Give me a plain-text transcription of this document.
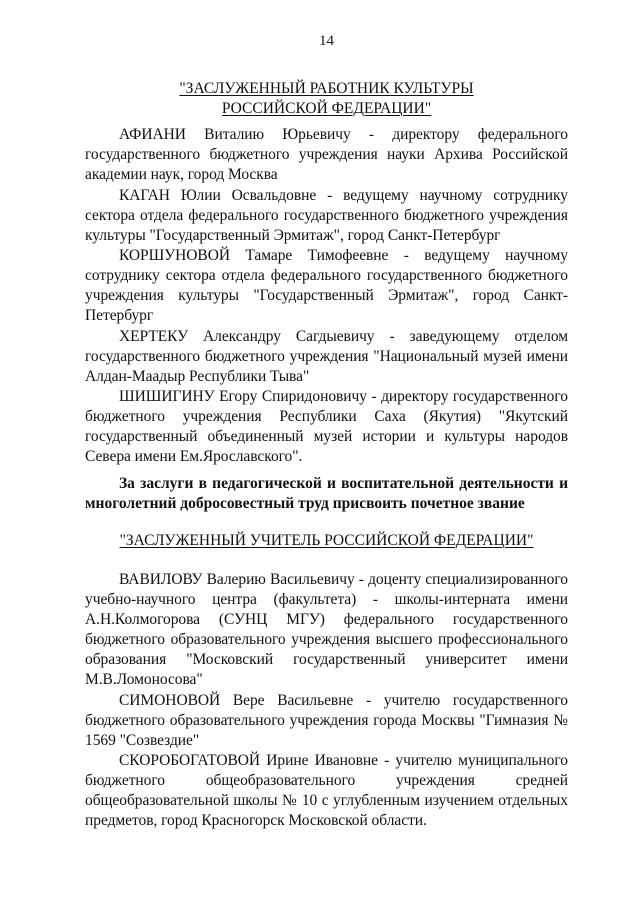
14
"ЗАСЛУЖЕННЫЙ РАБОТНИК КУЛЬТУРЫ
РОССИЙСКОЙ ФЕДЕРАЦИИ"

АФИАНИ Виталию Юрьевичу - директору федерального государственного бюджетного учреждения науки Архива Российской академии наук, город Москва

КАГАН Юлии Освальдовне - ведущему научному сотруднику сектора отдела федерального государственного бюджетного учреждения культуры "Государственный Эрмитаж", город Санкт-Петербург

КОРШУНОВОЙ Тамаре Тимофеевне - ведущему научному сотруднику сектора отдела федерального государственного бюджетного учреждения культуры "Государственный Эрмитаж", город Санкт-Петербург

ХЕРТЕКУ Александру Сагдыевичу - заведующему отделом государственного бюджетного учреждения "Национальный музей имени Алдан-Маадыр Республики Тыва"

ШИШИГИНУ Егору Спиридоновичу - директору государственного бюджетного учреждения Республики Саха (Якутия) "Якутский государственный объединенный музей истории и культуры народов Севера имени Ем.Ярославского".

За заслуги в педагогической и воспитательной деятельности и многолетний добросовестный труд присвоить почетное звание
"ЗАСЛУЖЕННЫЙ УЧИТЕЛЬ РОССИЙСКОЙ ФЕДЕРАЦИИ"

ВАВИЛОВУ Валерию Васильевичу - доценту специализированного учебно-научного центра (факультета) - школы-интерната имени А.Н.Колмогорова (СУНЦ МГУ) федерального государственного бюджетного образовательного учреждения высшего профессионального образования "Московский государственный университет имени М.В.Ломоносова"

СИМОНОВОЙ Вере Васильевне - учителю государственного бюджетного образовательного учреждения города Москвы "Гимназия № 1569 "Созвездие"

СКОРОБОГАТОВОЙ Ирине Ивановне - учителю муниципального бюджетного общеобразовательного учреждения средней общеобразовательной школы № 10 с углубленным изучением отдельных предметов, город Красногорск Московской области.
